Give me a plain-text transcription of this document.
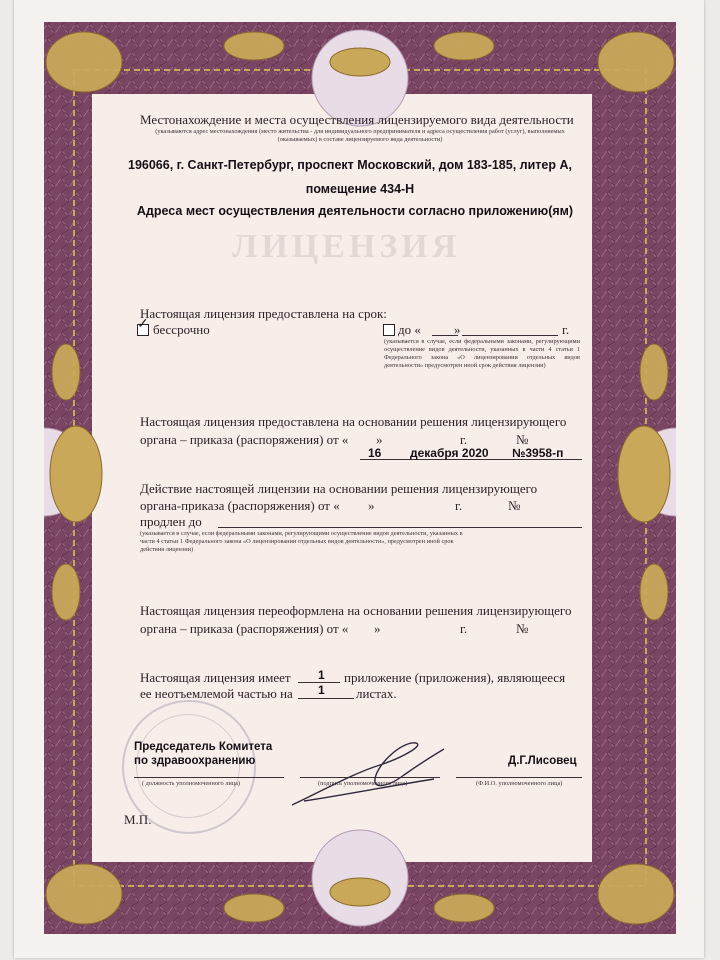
Местонахождение и места осуществления лицензируемого вида деятельности
(указываются адрес местонахождения (место жительства - для индивидуального предпринимателя и адреса осуществления работ (услуг), выполняемых (оказываемых) в составе лицензируемого вида деятельности)
196066, г. Санкт-Петербург, проспект Московский, дом 183-185, литер А,
помещение 434-Н
Адреса мест осуществления деятельности согласно приложению(ям)
ЛИЦЕНЗИЯ
Настоящая лицензия предоставлена на срок:
✓ бессрочно	до «	»	г.
(указывается в случае, если федеральными законами, регулирующими осуществление видов деятельности, указанных в части 4 статьи 1 Федерального закона «О лицензировании отдельных видов деятельности» предусмотрен иной срок действия лицензии)
Настоящая лицензия предоставлена на основании решения лицензирующего
органа – приказа (распоряжения) от « »	г.	№
16 декабря 2020 №3958-п
Действие настоящей лицензии на основании решения лицензирующего
органа-приказа (распоряжения) от « »	г.	№
продлен до
(указывается в случае, если федеральными законами, регулирующими осуществление видов деятельности, указанных в части 4 статьи 1 Федерального закона «О лицензировании отдельных видов деятельности», предусмотрен иной срок действия лицензии)
Настоящая лицензия переоформлена на основании решения лицензирующего
органа – приказа (распоряжения) от « »	г.	№
Настоящая лицензия имеет 1 приложение (приложения), являющееся
ее неотъемлемой частью на 1 листах.
Председатель Комитета
по здравоохранению
( должность уполномоченного лица)	(подпись уполномоченного лица)
Д.Г.Лисовец
(Ф.И.О. уполномоченного лица)
М.П.
